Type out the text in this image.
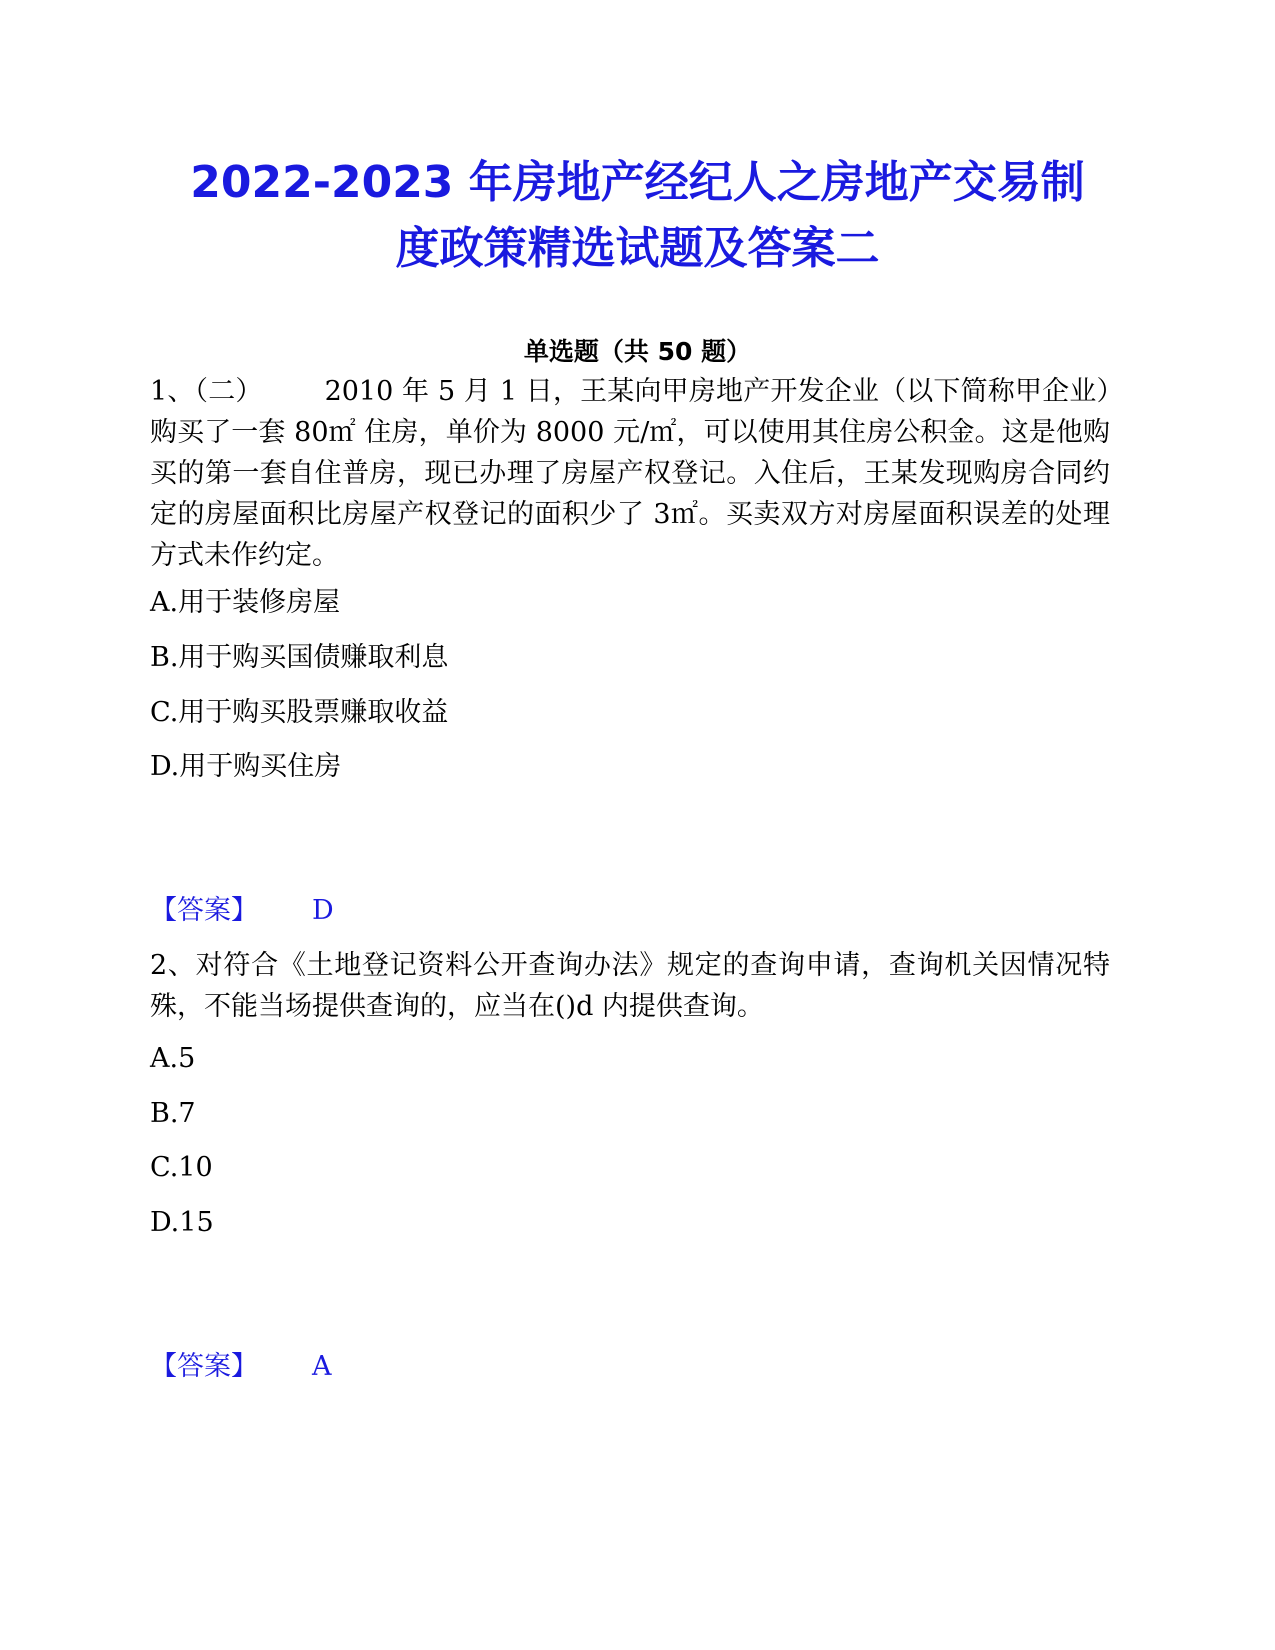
2022-2023 年房地产经纪人之房地产交易制
度政策精选试题及答案二
单选题（共 50 题）

1、（二） 2010 年 5 月 1 日，王某向甲房地产开发企业（以下简称甲企业）购买了一套 80㎡ 住房，单价为 8000 元/㎡，可以使用其住房公积金。这是他购买的第一套自住普房，现已办理了房屋产权登记。入住后，王某发现购房合同约定的房屋面积比房屋产权登记的面积少了 3㎡。买卖双方对房屋面积误差的处理方式未作约定。

A.用于装修房屋
B.用于购买国债赚取利息
C.用于购买股票赚取收益
D.用于购买住房
【答案】 D

2、对符合《土地登记资料公开查询办法》规定的查询申请，查询机关因情况特殊，不能当场提供查询的，应当在()d 内提供查询。

A.5
B.7
C.10
D.15
【答案】 A
